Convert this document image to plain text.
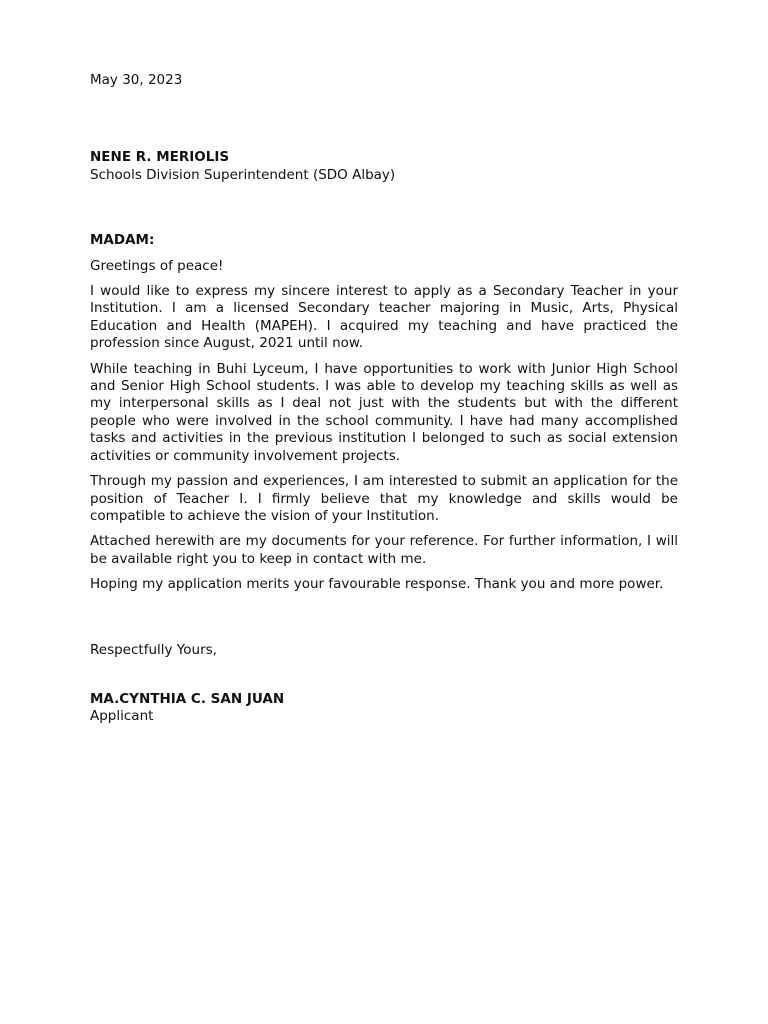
May 30, 2023
NENE R. MERIOLIS
Schools Division Superintendent (SDO Albay)
MADAM:

Greetings of peace!

I would like to express my sincere interest to apply as a Secondary Teacher in your Institution. I am a licensed Secondary teacher majoring in Music, Arts, Physical Education and Health (MAPEH). I acquired my teaching and have practiced the profession since August, 2021 until now.

While teaching in Buhi Lyceum, I have opportunities to work with Junior High School and Senior High School students. I was able to develop my teaching skills as well as my interpersonal skills as I deal not just with the students but with the different people who were involved in the school community. I have had many accomplished tasks and activities in the previous institution I belonged to such as social extension activities or community involvement projects.

Through my passion and experiences, I am interested to submit an application for the position of Teacher I. I firmly believe that my knowledge and skills would be compatible to achieve the vision of your Institution.

Attached herewith are my documents for your reference. For further information, I will be available right you to keep in contact with me.

Hoping my application merits your favourable response. Thank you and more power.

Respectfully Yours,
MA.CYNTHIA C. SAN JUAN
Applicant
